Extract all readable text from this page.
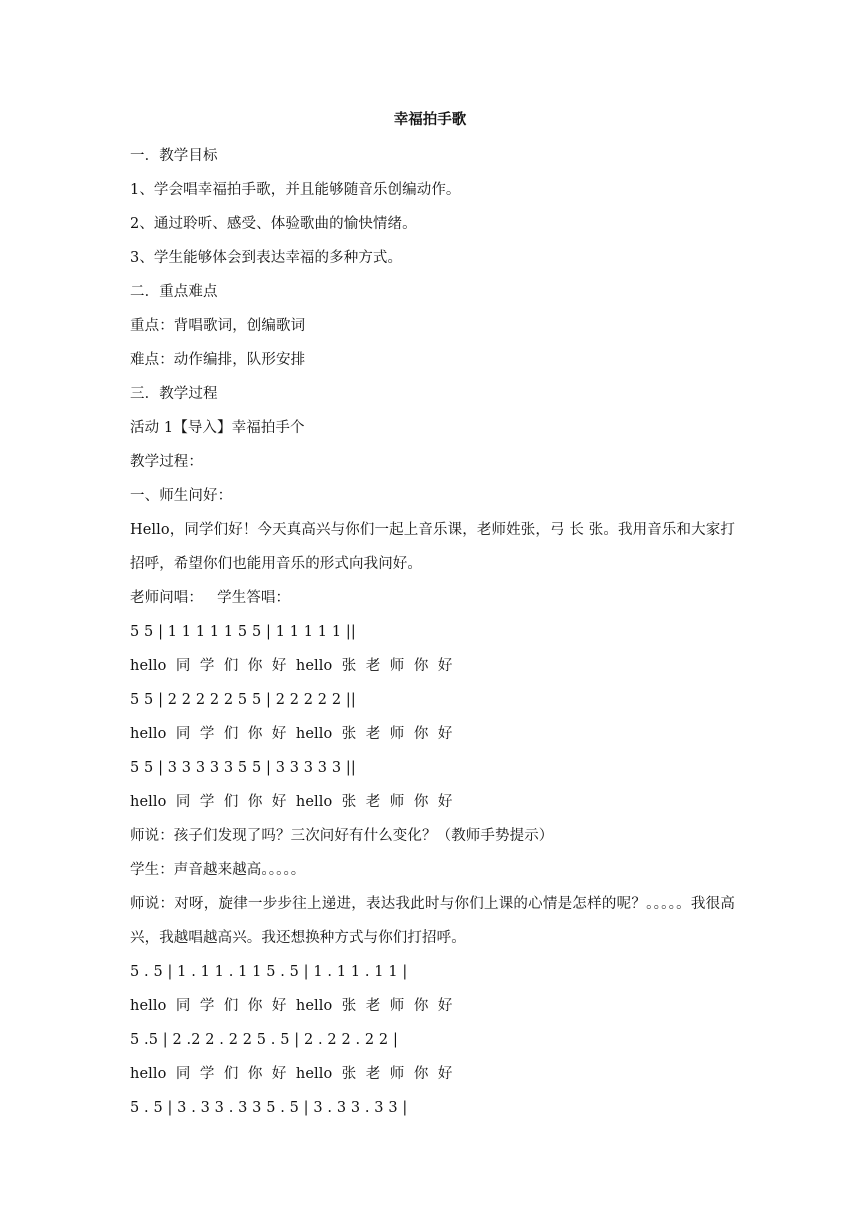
幸福拍手歌

一．教学目标

1、学会唱幸福拍手歌，并且能够随音乐创编动作。

2、通过聆听、感受、体验歌曲的愉快情绪。

3、学生能够体会到表达幸福的多种方式。

二．重点难点

重点：背唱歌词，创编歌词

难点：动作编排，队形安排

三．教学过程

活动 1【导入】幸福拍手个

教学过程：

一、师生问好：

Hello，同学们好！今天真高兴与你们一起上音乐课，老师姓张，弓 长 张。我用音乐和大家打招呼，希望你们也能用音乐的形式向我问好。

老师问唱：   学生答唱：

5 5 | 1 1 1 1 1 5 5 | 1 1 1 1 1 ||

hello  同  学  们  你  好  hello  张  老  师  你  好

5 5 | 2 2 2 2 2 5 5 | 2 2 2 2 2 ||

hello  同  学  们  你  好  hello  张  老  师  你  好

5 5 | 3 3 3 3 3 5 5 | 3 3 3 3 3 ||

hello  同  学  们  你  好  hello  张  老  师  你  好

师说：孩子们发现了吗？三次问好有什么变化？（教师手势提示）

学生：声音越来越高。。。。。

师说：对呀，旋律一步步往上递进，表达我此时与你们上课的心情是怎样的呢？。。。。。我很高兴，我越唱越高兴。我还想换种方式与你们打招呼。

5 . 5 | 1 . 1 1 . 1 1 5 . 5 | 1 . 1 1 . 1 1 |

hello  同  学  们  你  好  hello  张  老  师  你  好

5 .5 | 2 .2 2 . 2 2 5 . 5 | 2 . 2 2 . 2 2 |

hello  同  学  们  你  好  hello  张  老  师  你  好

5 . 5 | 3 . 3 3 . 3 3 5 . 5 | 3 . 3 3 . 3 3 |
